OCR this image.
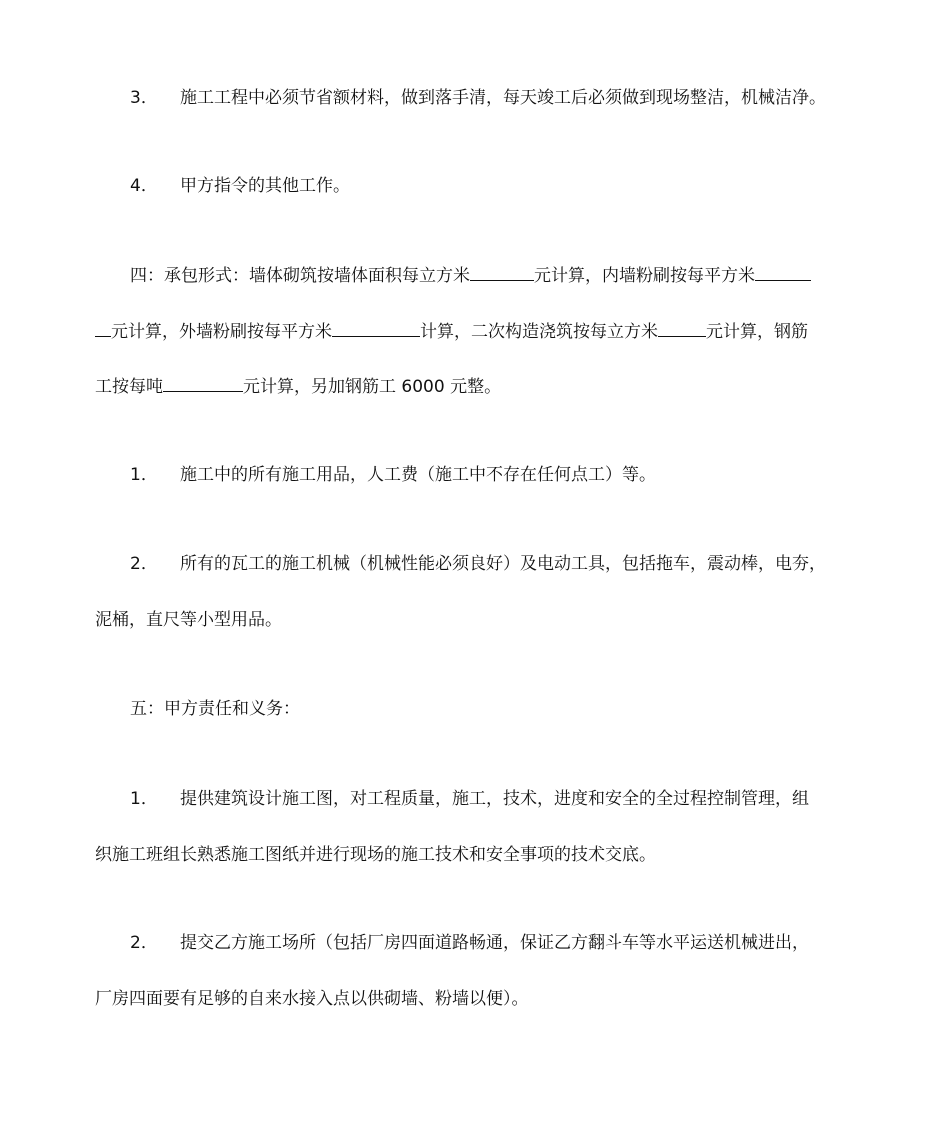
3． 施工工程中必须节省额材料，做到落手清，每天竣工后必须做到现场整洁，机械洁净。
4． 甲方指令的其他工作。
四：承包形式：墙体砌筑按墙体面积每立方米	元计算，内墙粉刷按每平方米
元计算，外墙粉刷按每平方米	计算，二次构造浇筑按每立方米	元计算，钢筋
工按每吨	元计算，另加钢筋工 6000 元整。
1． 施工中的所有施工用品，人工费（施工中不存在任何点工）等。
2． 所有的瓦工的施工机械（机械性能必须良好）及电动工具，包括拖车，震动棒，电夯，
泥桶，直尺等小型用品。
五：甲方责任和义务：
1． 提供建筑设计施工图，对工程质量，施工，技术，进度和安全的全过程控制管理，组
织施工班组长熟悉施工图纸并进行现场的施工技术和安全事项的技术交底。
2． 提交乙方施工场所（包括厂房四面道路畅通，保证乙方翻斗车等水平运送机械进出，
厂房四面要有足够的自来水接入点以供砌墙、粉墙以便）。
